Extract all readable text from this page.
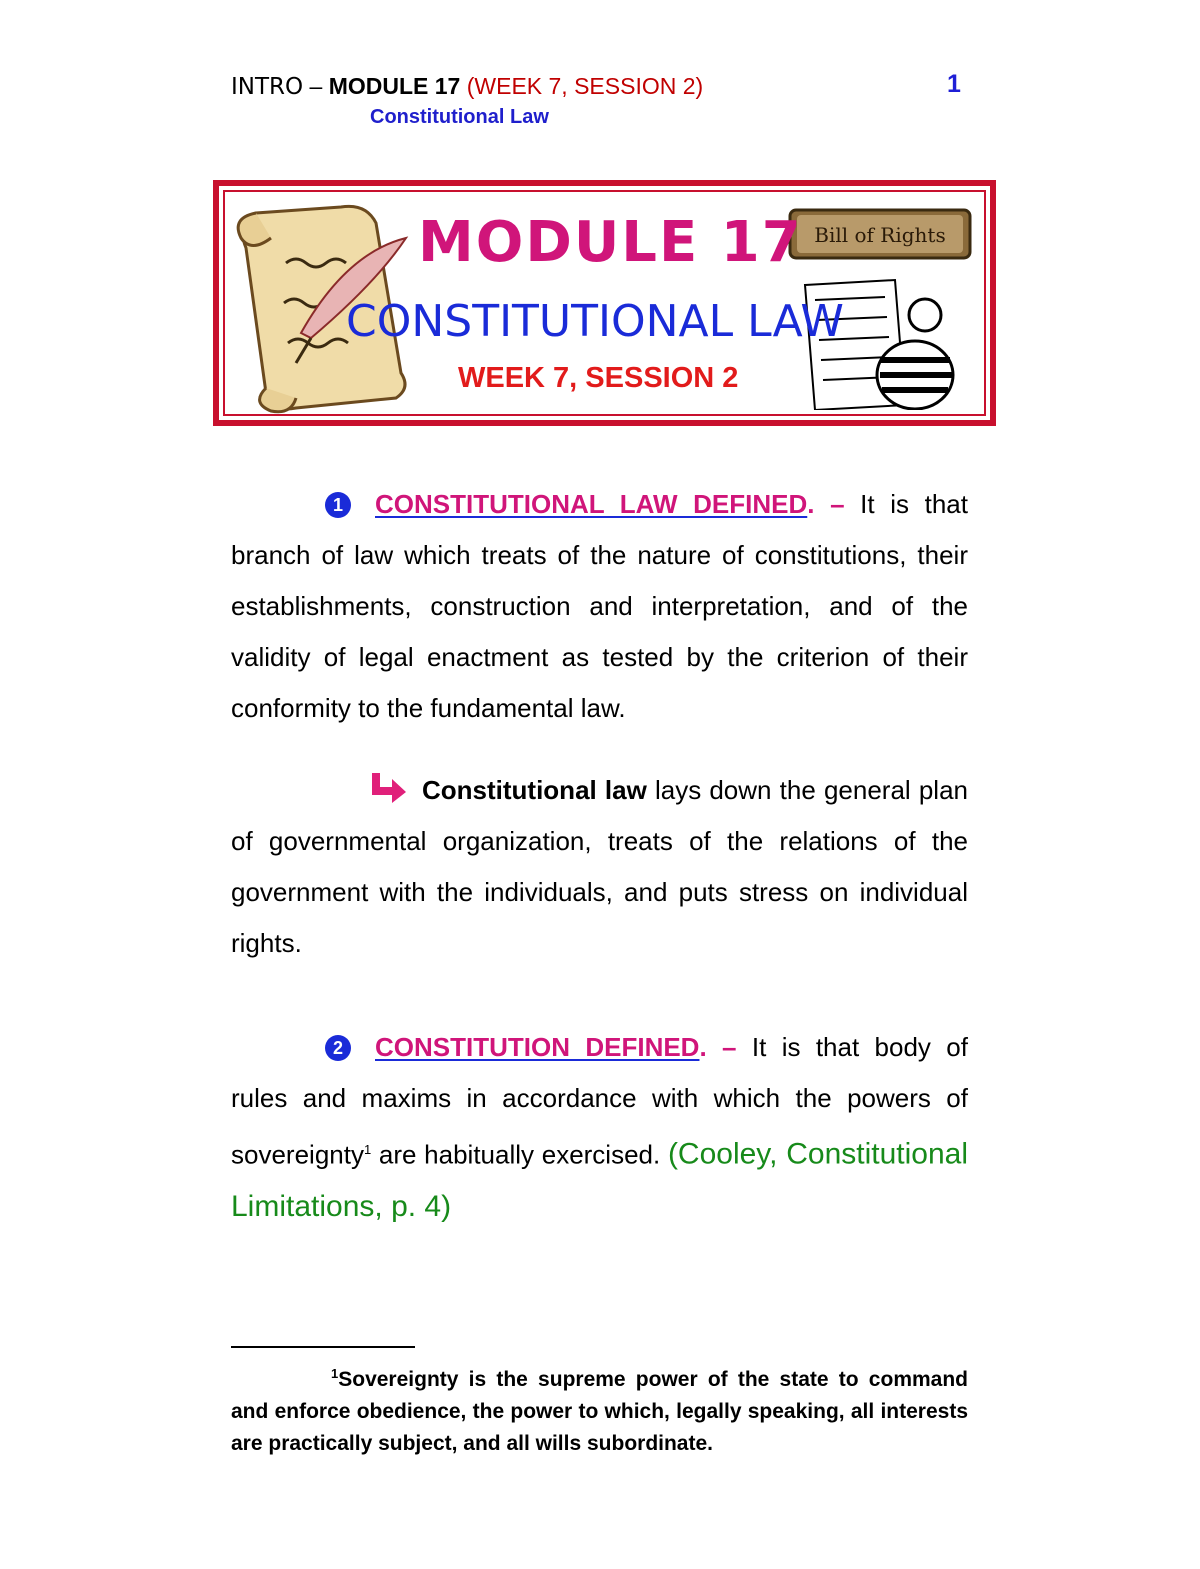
INTRO – MODULE 17 (WEEK 7, SESSION 2)
Constitutional Law
1
Bill of Rights
MODULE 17
CONSTITUTIONAL LAW
WEEK 7, SESSION 2
1 CONSTITUTIONAL LAW DEFINED. – It is that branch of law which treats of the nature of constitutions, their establishments, construction and interpretation, and of the validity of legal enactment as tested by the criterion of their conformity to the fundamental law.
Constitutional law lays down the general plan of governmental organization, treats of the relations of the government with the individuals, and puts stress on individual rights.
2 CONSTITUTION DEFINED. – It is that body of rules and maxims in accordance with which the powers of sovereignty$^1$ are habitually exercised. (Cooley, Constitutional Limitations, p. 4)
$^1$Sovereignty is the supreme power of the state to command and enforce obedience, the power to which, legally speaking, all interests are practically subject, and all wills subordinate.
